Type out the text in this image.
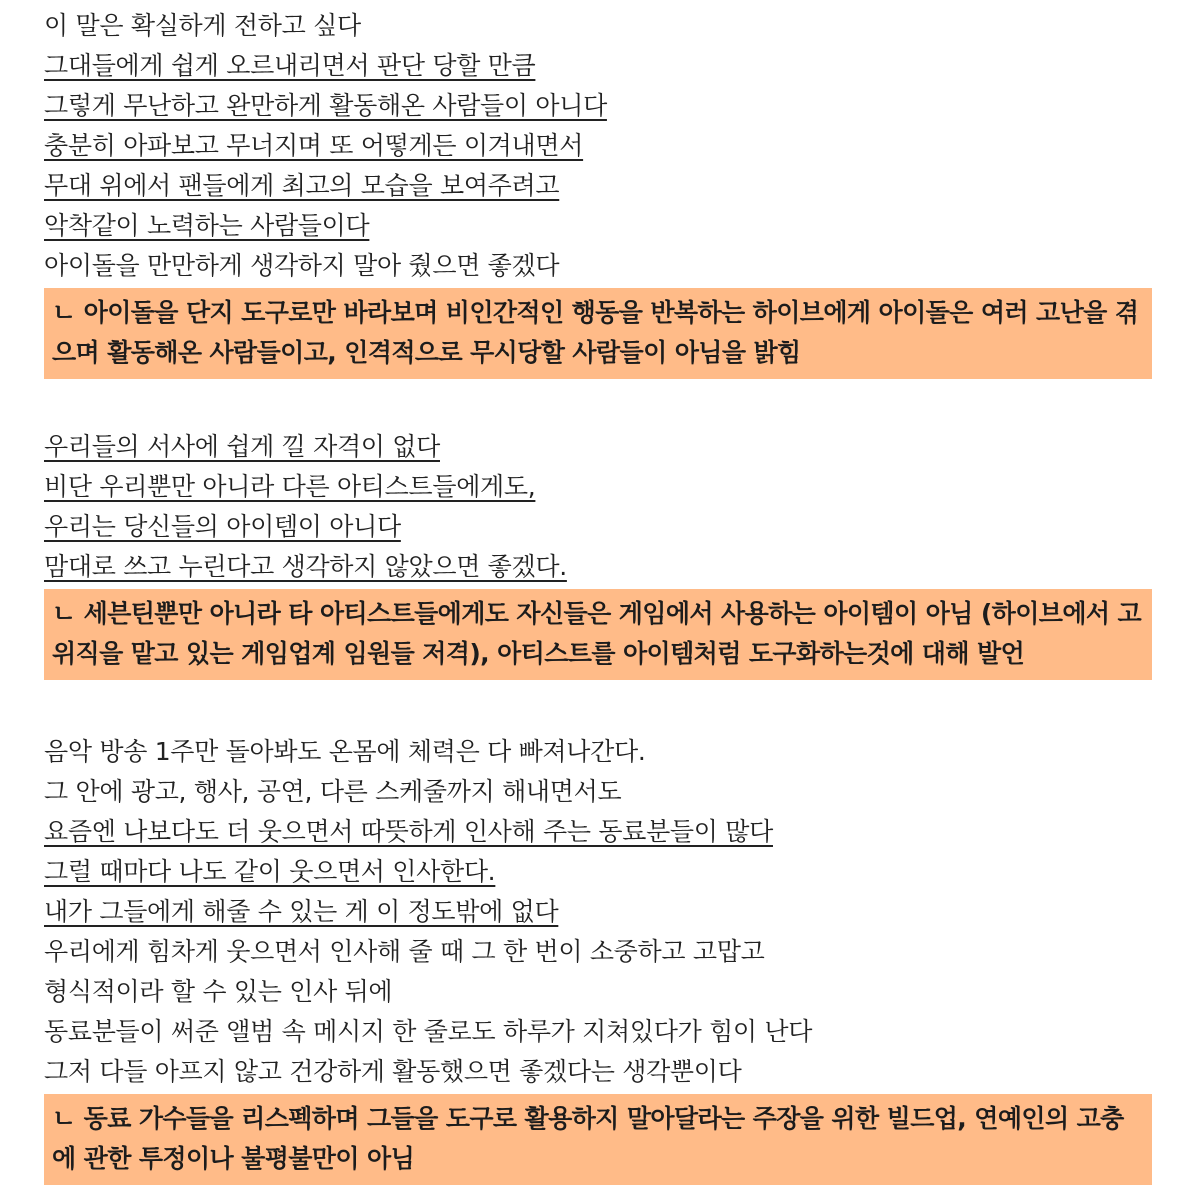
이 말은 확실하게 전하고 싶다
그대들에게 쉽게 오르내리면서 판단 당할 만큼
그렇게 무난하고 완만하게 활동해온 사람들이 아니다
충분히 아파보고 무너지며 또 어떻게든 이겨내면서
무대 위에서 팬들에게 최고의 모습을 보여주려고
악착같이 노력하는 사람들이다
아이돌을 만만하게 생각하지 말아 줬으면 좋겠다
ㄴ 아이돌을 단지 도구로만 바라보며 비인간적인 행동을 반복하는 하이브에게 아이돌은 여러 고난을 겪으며 활동해온 사람들이고, 인격적으로 무시당할 사람들이 아님을 밝힘
우리들의 서사에 쉽게 낄 자격이 없다
비단 우리뿐만 아니라 다른 아티스트들에게도,
우리는 당신들의 아이템이 아니다
맘대로 쓰고 누린다고 생각하지 않았으면 좋겠다.
ㄴ 세븐틴뿐만 아니라 타 아티스트들에게도 자신들은 게임에서 사용하는 아이템이 아님 (하이브에서 고위직을 맡고 있는 게임업계 임원들 저격), 아티스트를 아이템처럼 도구화하는것에 대해 발언
음악 방송 1주만 돌아봐도 온몸에 체력은 다 빠져나간다.
그 안에 광고, 행사, 공연, 다른 스케줄까지 해내면서도
요즘엔 나보다도 더 웃으면서 따뜻하게 인사해 주는 동료분들이 많다
그럴 때마다 나도 같이 웃으면서 인사한다.
내가 그들에게 해줄 수 있는 게 이 정도밖에 없다
우리에게 힘차게 웃으면서 인사해 줄 때 그 한 번이 소중하고 고맙고
형식적이라 할 수 있는 인사 뒤에
동료분들이 써준 앨범 속 메시지 한 줄로도 하루가 지쳐있다가 힘이 난다
그저 다들 아프지 않고 건강하게 활동했으면 좋겠다는 생각뿐이다
ㄴ 동료 가수들을 리스펙하며 그들을 도구로 활용하지 말아달라는 주장을 위한 빌드업, 연예인의 고충에 관한 투정이나 불평불만이 아님
